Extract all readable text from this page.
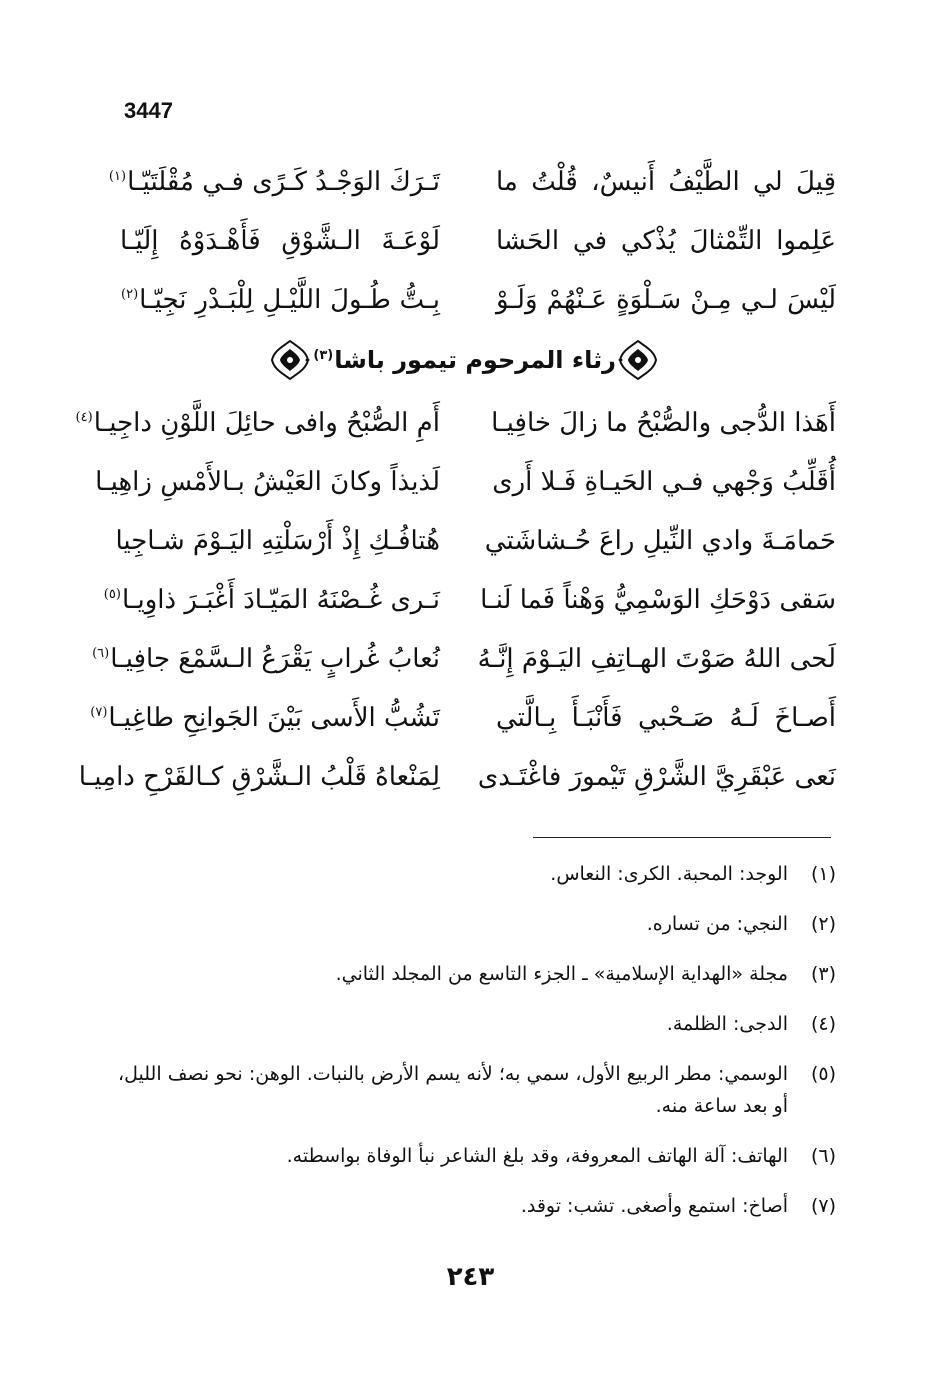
3447
قِيلَ لي الطَّيْفُ أَنيسٌ، قُلْتُ ما
تَـرَكَ الوَجْـدُ كَـرًى فـي مُقْلَتَيّـا$^{(١)}$
عَلِموا التِّمْثالَ يُذْكي في الحَشا
لَوْعَـةَ الـشَّوْقِ فَأَهْـدَوْهُ إِلَيّـا
لَيْسَ لـي مِـنْ سَـلْوَةٍ عَـنْهُمْ وَلَـوْ
بِـتُّ طُـولَ اللَّيْـلِ لِلْبَـدْرِ نَجِيّـا$^{(٢)}$
رثاء المرحوم تيمور باشا$^{(٣)}$
أَهَذا الدُّجى والصُّبْحُ ما زالَ خافِيـا
أَمِ الصُّبْحُ وافى حائِلَ اللَّوْنِ داجِيـا$^{(٤)}$
أُقَلِّبُ وَجْهي فـي الحَيـاةِ فَـلا أَرى
لَذيذاً وكانَ العَيْشُ بـالأَمْسِ زاهِيـا
حَمامَـةَ وادي النِّيلِ راعَ حُـشاشَتي
هُتافُـكِ إِذْ أَرْسَلْتِهِ اليَـوْمَ شـاجِيا
سَقى دَوْحَكِ الوَسْمِيُّ وَهْناً فَما لَنـا
نَـرى غُـصْنَهُ المَيّـادَ أَغْبَـرَ ذاوِيـا$^{(٥)}$
لَحى اللهُ صَوْتَ الهـاتِفِ اليَـوْمَ إِنَّـهُ
نُعابُ غُرابٍ يَقْرَعُ الـسَّمْعَ جافِيـا$^{(٦)}$
أَصـاخَ لَـهُ صَـحْبي فَأَنْبَـأَ بِـالَّتي
تَشُبُّ الأَسى بَيْنَ الجَوانِحِ طاغِيـا$^{(٧)}$
نَعى عَبْقَرِيَّ الشَّرْقِ تَيْمورَ فاغْتَـدى
لِمَنْعاهُ قَلْبُ الـشَّرْقِ كـالقَرْحِ دامِيـا
(١)
الوجد: المحبة. الكرى: النعاس.
(٢)
النجي: من تساره.
(٣)
مجلة «الهداية الإسلامية» ـ الجزء التاسع من المجلد الثاني.
(٤)
الدجى: الظلمة.
(٥)
الوسمي: مطر الربيع الأول، سمي به؛ لأنه يسم الأرض بالنبات. الوهن: نحو نصف الليل، أو بعد ساعة منه.
(٦)
الهاتف: آلة الهاتف المعروفة، وقد بلغ الشاعر نبأ الوفاة بواسطته.
(٧)
أصاخ: استمع وأصغى. تشب: توقد.
٢٤٣
